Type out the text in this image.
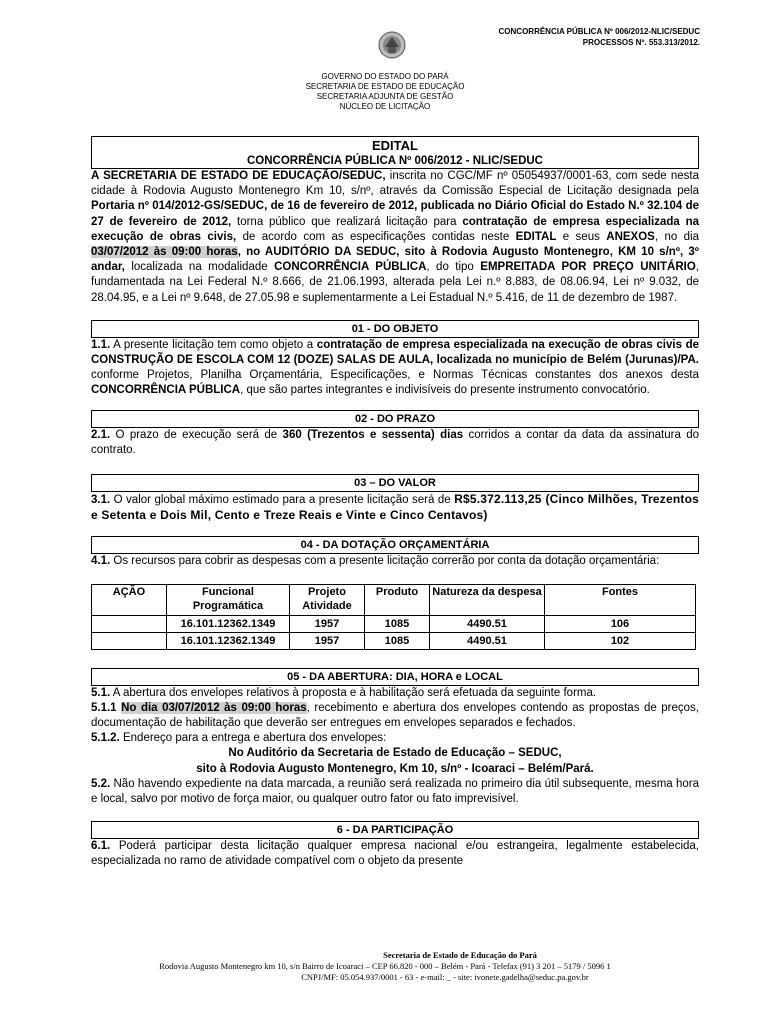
CONCORRÊNCIA PÚBLICA Nº 006/2012-NLIC/SEDUC
PROCESSOS Nº. 553.313/2012.
GOVERNO DO ESTADO DO PARÁ
SECRETARIA DE ESTADO DE EDUCAÇÃO
SECRETARIA ADJUNTA DE GESTÃO
NÚCLEO DE LICITAÇÃO
EDITAL
CONCORRÊNCIA PÚBLICA Nº 006/2012 - NLIC/SEDUC

A SECRETARIA DE ESTADO DE EDUCAÇÃO/SEDUC, inscrita no CGC/MF nº 05054937/0001-63, com sede nesta cidade à Rodovia Augusto Montenegro Km 10, s/nº, através da Comissão Especial de Licitação designada pela Portaria nº 014/2012-GS/SEDUC, de 16 de fevereiro de 2012, publicada no Diário Oficial do Estado N.º 32.104 de 27 de fevereiro de 2012, torna público que realizará licitação para contratação de empresa especializada na execução de obras civis, de acordo com as especificações contidas neste EDITAL e seus ANEXOS, no dia 03/07/2012 às 09:00 horas, no AUDITÓRIO DA SEDUC, sito à Rodovia Augusto Montenegro, KM 10 s/nº, 3º andar, localizada na modalidade CONCORRÊNCIA PÚBLICA, do tipo EMPREITADA POR PREÇO UNITÁRIO, fundamentada na Lei Federal N.º 8.666, de 21.06.1993, alterada pela Lei n.º 8.883, de 08.06.94, Lei nº 9.032, de 28.04.95, e a Lei nº 9.648, de 27.05.98 e suplementarmente a Lei Estadual N.º 5.416, de 11 de dezembro de 1987.

01 - DO OBJETO

1.1. A presente licitação tem como objeto a contratação de empresa especializada na execução de obras civis de CONSTRUÇÃO DE ESCOLA COM 12 (DOZE) SALAS DE AULA, localizada no município de Belém (Jurunas)/PA. conforme Projetos, Planilha Orçamentária, Especificações, e Normas Técnicas constantes dos anexos desta CONCORRÊNCIA PÚBLICA, que são partes integrantes e indivisíveis do presente instrumento convocatório.

02 - DO PRAZO

2.1. O prazo de execução será de 360 (Trezentos e sessenta) dias corridos a contar da data da assinatura do contrato.

03 – DO VALOR

3.1. O valor global máximo estimado para a presente licitação será de R$5.372.113,25 (Cinco Milhões, Trezentos e Setenta e Dois Mil, Cento e Treze Reais e Vinte e Cinco Centavos)

04 - DA DOTAÇÃO ORÇAMENTÁRIA

4.1. Os recursos para cobrir as despesas com a presente licitação correrão por conta da dotação orçamentária:

AÇÃO	Funcional Programática	Projeto Atividade	Produto	Natureza da despesa	Fontes
	16.101.12362.1349	1957	1085	4490.51	106
	16.101.12362.1349	1957	1085	4490.51	102
05 - DA ABERTURA: DIA, HORA e LOCAL

5.1. A abertura dos envelopes relativos à proposta e à habilitação será efetuada da seguinte forma.

5.1.1 No dia 03/07/2012 às 09:00 horas, recebimento e abertura dos envelopes contendo as propostas de preços, documentação de habilitação que deverão ser entregues em envelopes separados e fechados.

5.1.2. Endereço para a entrega e abertura dos envelopes:

No Auditório da Secretaria de Estado de Educação – SEDUC,
sito à Rodovia Augusto Montenegro, Km 10, s/nº - Icoaraci – Belém/Pará.

5.2. Não havendo expediente na data marcada, a reunião será realizada no primeiro dia útil subsequente, mesma hora e local, salvo por motivo de força maior, ou qualquer outro fator ou fato imprevisível.

6 - DA PARTICIPAÇÃO

6.1. Poderá participar desta licitação qualquer empresa nacional e/ou estrangeira, legalmente estabelecida, especializada no ramo de atividade compatível com o objeto da presente

Secretaria de Estado de Educação do Pará
Rodovia Augusto Montenegro km 10, s/n Bairro de Icoaraci – CEP 66.820 - 000 – Belém - Pará - Telefax (91) 3 201 – 5179 / 5096 1
CNPJ/MF: 05.054.937/0001 - 63 - e-mail: _ - site: ivonete.gadelha@seduc.pa.gov.br
